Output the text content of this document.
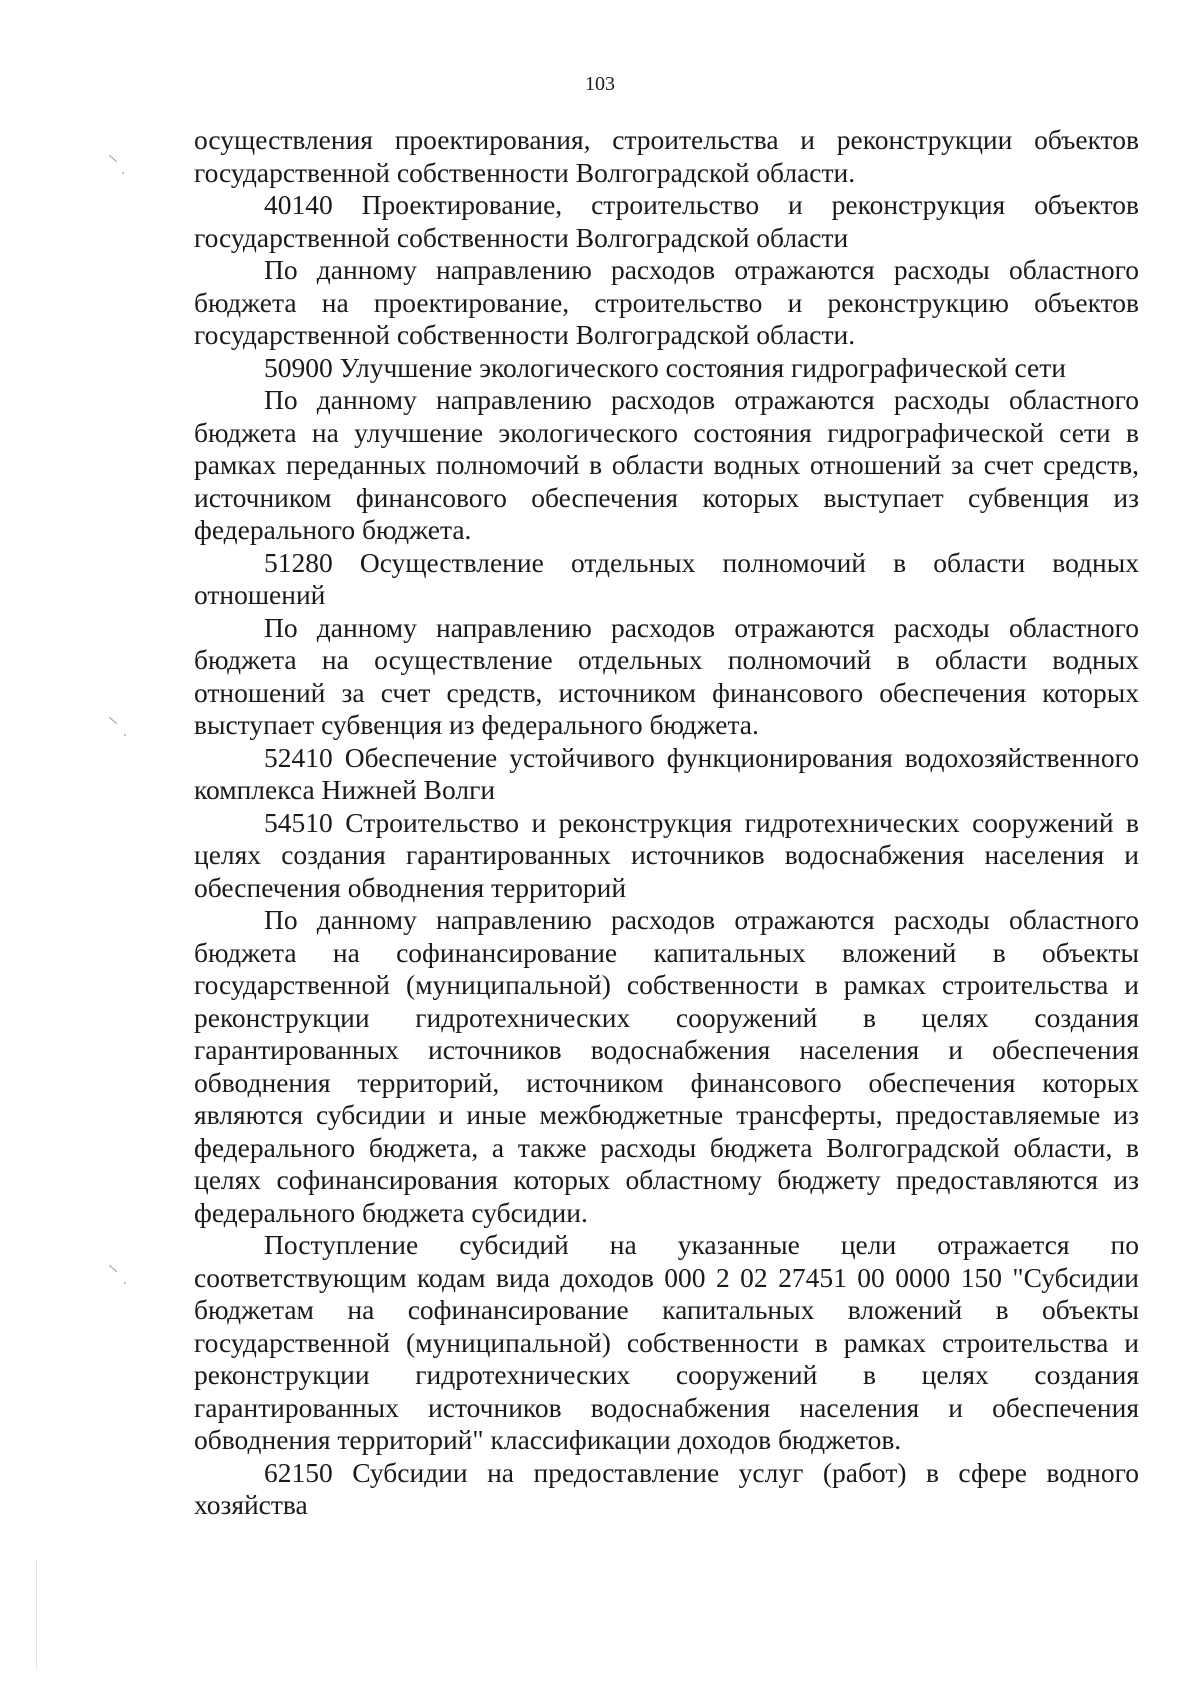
103

осуществления проектирования, строительства и реконструкции объектов государственной собственности Волгоградской области.

40140 Проектирование, строительство и реконструкция объектов государственной собственности Волгоградской области

По данному направлению расходов отражаются расходы областного бюджета на проектирование, строительство и реконструкцию объектов государственной собственности Волгоградской области.

50900 Улучшение экологического состояния гидрографической сети

По данному направлению расходов отражаются расходы областного бюджета на улучшение экологического состояния гидрографической сети в рамках переданных полномочий в области водных отношений за счет средств, источником финансового обеспечения которых выступает субвенция из федерального бюджета.

51280 Осуществление отдельных полномочий в области водных отношений

По данному направлению расходов отражаются расходы областного бюджета на осуществление отдельных полномочий в области водных отношений за счет средств, источником финансового обеспечения которых выступает субвенция из федерального бюджета.

52410 Обеспечение устойчивого функционирования водохозяйственного комплекса Нижней Волги

54510 Строительство и реконструкция гидротехнических сооружений в целях создания гарантированных источников водоснабжения населения и обеспечения обводнения территорий

По данному направлению расходов отражаются расходы областного бюджета на софинансирование капитальных вложений в объекты государственной (муниципальной) собственности в рамках строительства и реконструкции гидротехнических сооружений в целях создания гарантированных источников водоснабжения населения и обеспечения обводнения территорий, источником финансового обеспечения которых являются субсидии и иные межбюджетные трансферты, предоставляемые из федерального бюджета, а также расходы бюджета Волгоградской области, в целях софинансирования которых областному бюджету предоставляются из федерального бюджета субсидии.

Поступление субсидий на указанные цели отражается по соответствующим кодам вида доходов 000 2 02 27451 00 0000 150 "Субсидии бюджетам на софинансирование капитальных вложений в объекты государственной (муниципальной) собственности в рамках строительства и реконструкции гидротехнических сооружений в целях создания гарантированных источников водоснабжения населения и обеспечения обводнения территорий" классификации доходов бюджетов.

62150 Субсидии на предоставление услуг (работ) в сфере водного хозяйства
